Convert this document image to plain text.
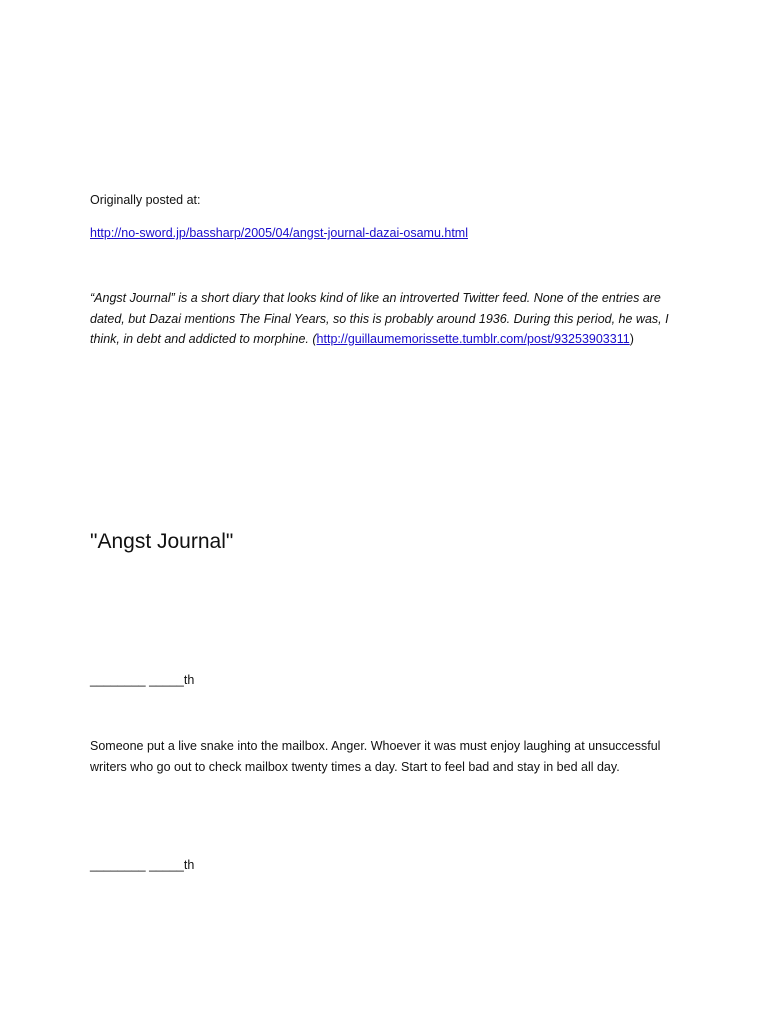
Originally posted at:
http://no-sword.jp/bassharp/2005/04/angst-journal-dazai-osamu.html
“Angst Journal” is a short diary that looks kind of like an introverted Twitter feed. None of the entries are dated, but Dazai mentions The Final Years, so this is probably around 1936. During this period, he was, I think, in debt and addicted to morphine. (http://guillaumemorissette.tumblr.com/post/93253903311)
"Angst Journal"
________ _____th
Someone put a live snake into the mailbox. Anger. Whoever it was must enjoy laughing at unsuccessful writers who go out to check mailbox twenty times a day. Start to feel bad and stay in bed all day.
________ _____th
